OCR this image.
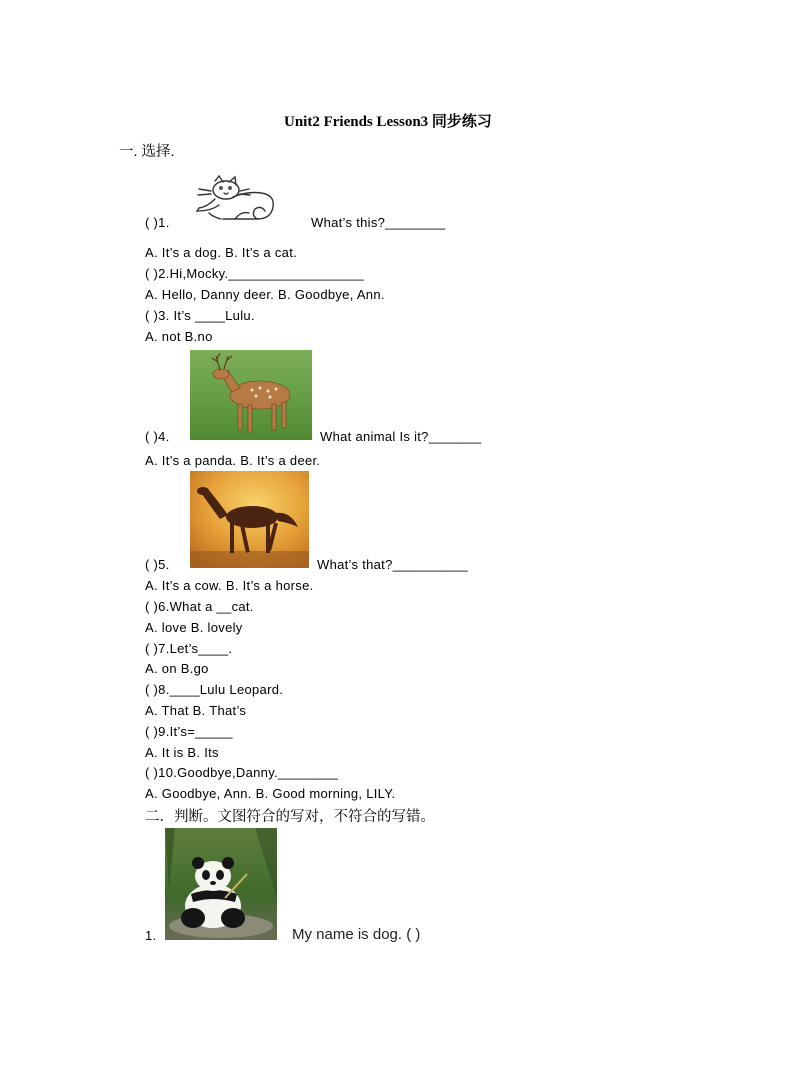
Unit2 Friends Lesson3 同步练习
一. 选择.
( )1.	What’s this?________
A. It’s a dog. B. It’s a cat.
( )2.Hi,Mocky.__________________
A. Hello, Danny deer. B. Goodbye, Ann.
( )3. It’s ____Lulu.
A. not B.no
( )4.	What animal Is it?_______
A. It’s a panda. B. It’s a deer.
( )5.	What’s that?__________
A. It’s a cow. B. It’s a horse.
( )6.What a __cat.
A. love B. lovely
( )7.Let’s____.
A. on B.go
( )8.____Lulu Leopard.
A. That B. That’s
( )9.It’s=_____
A. It is B. Its
( )10.Goodbye,Danny.________
A. Goodbye, Ann. B. Good morning, LILY.
二．判断。文图符合的写对，不符合的写错。
1.	My name is dog. ( )
